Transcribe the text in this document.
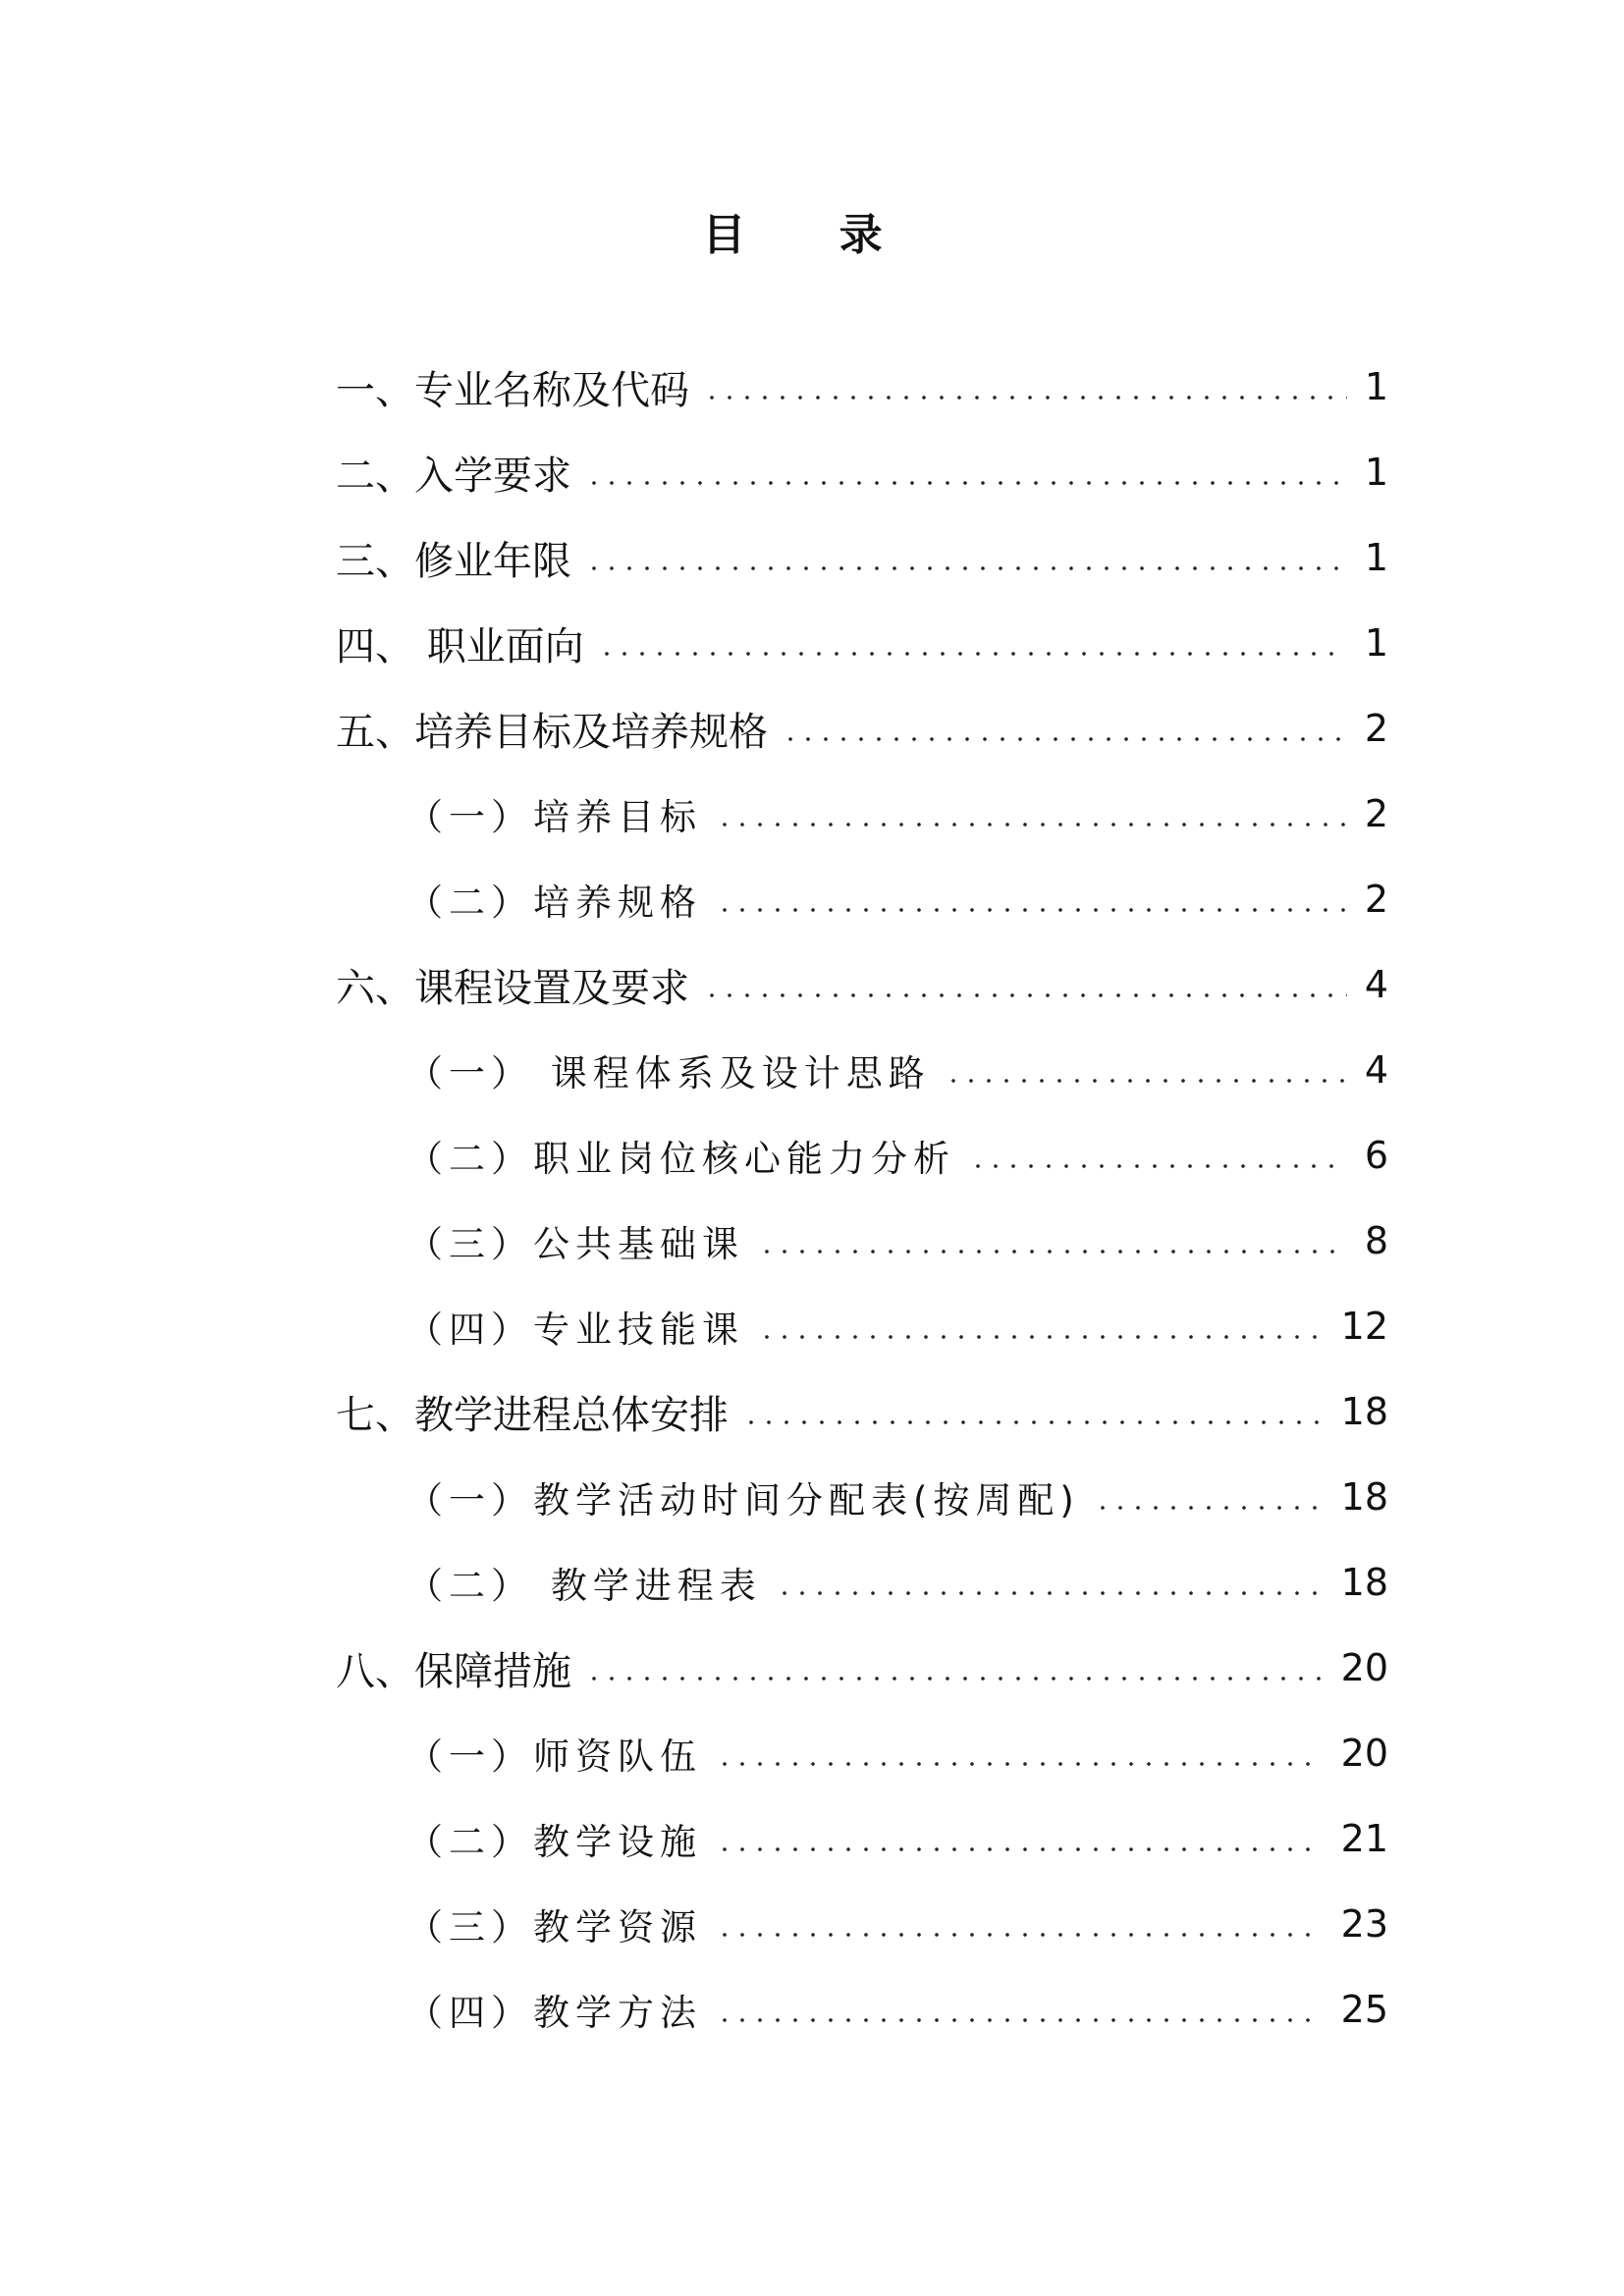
目 录
一、专业名称及代码	1
二、入学要求	1
三、修业年限	1
四、 职业面向	1
五、培养目标及培养规格	2
（一）培养目标	2
（二）培养规格	2
六、课程设置及要求	4
（一） 课程体系及设计思路	4
（二）职业岗位核心能力分析	6
（三）公共基础课	8
（四）专业技能课	12
七、教学进程总体安排	18
（一）教学活动时间分配表(按周配)	18
（二） 教学进程表	18
八、保障措施	20
（一）师资队伍	20
（二）教学设施	21
（三）教学资源	23
（四）教学方法	25
